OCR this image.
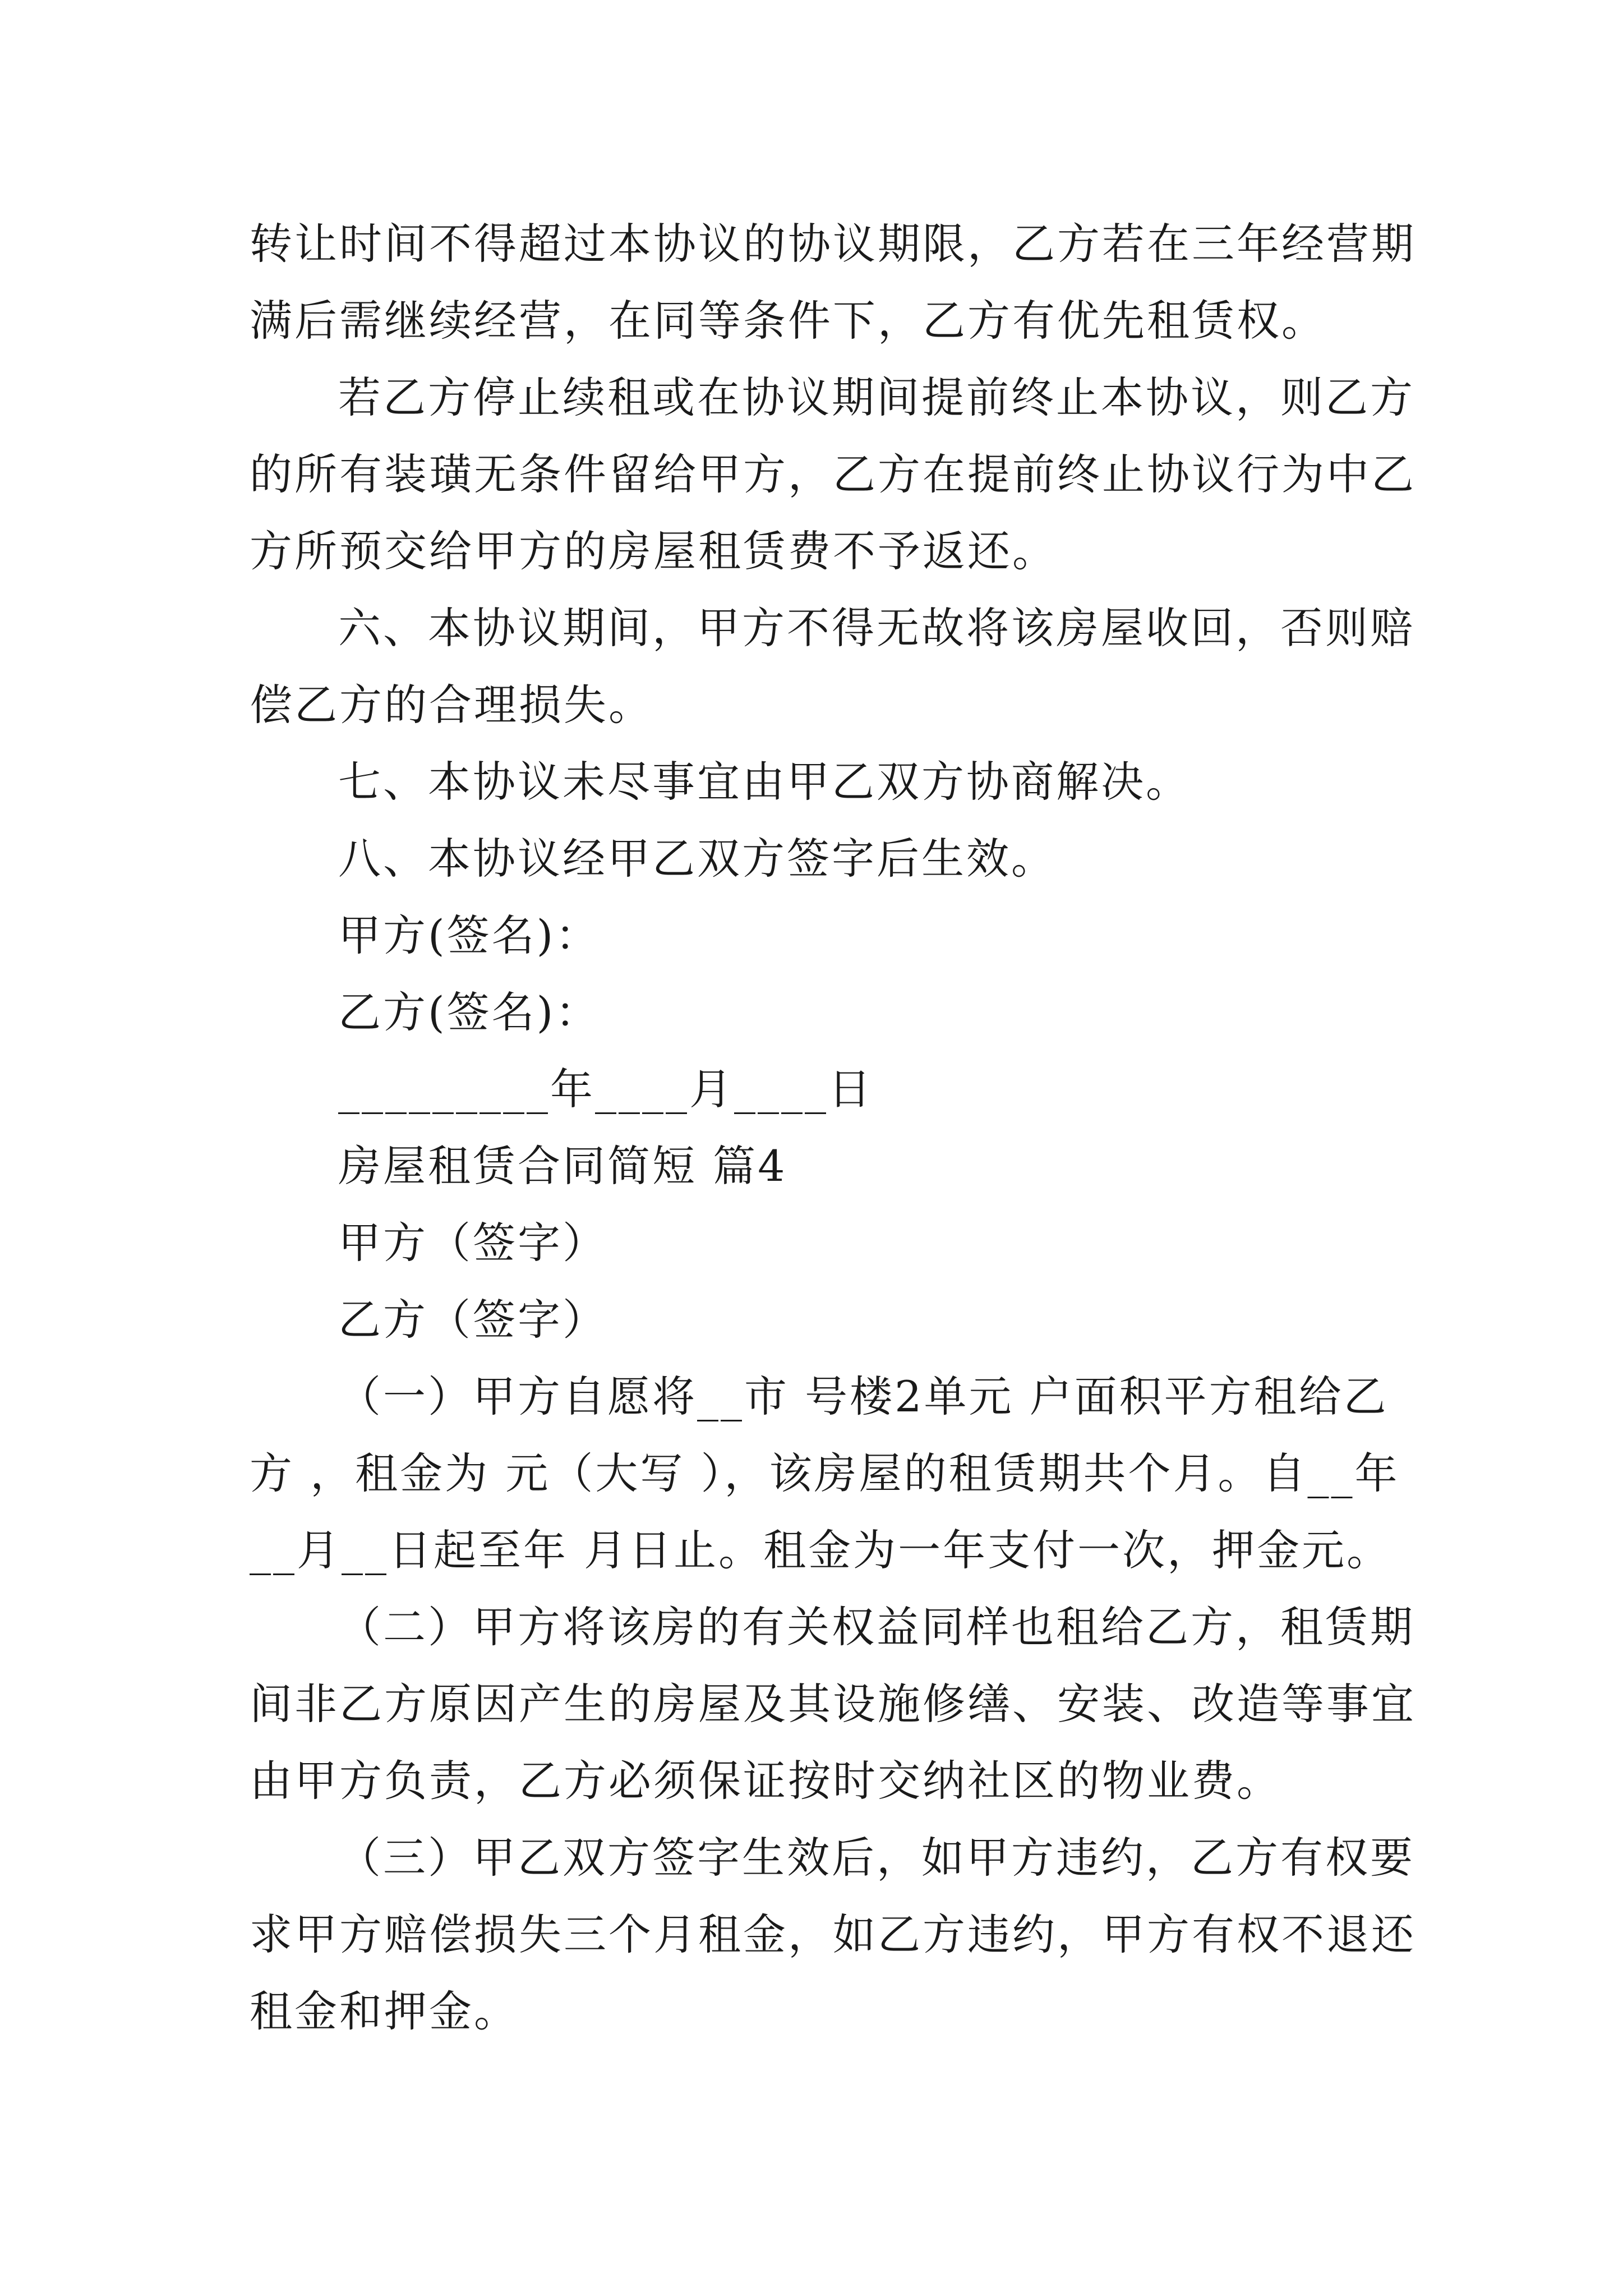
转让时间不得超过本协议的协议期限，乙方若在三年经营期
满后需继续经营，在同等条件下，乙方有优先租赁权。
若乙方停止续租或在协议期间提前终止本协议，则乙方
的所有装璜无条件留给甲方，乙方在提前终止协议行为中乙
方所预交给甲方的房屋租赁费不予返还。
六、本协议期间，甲方不得无故将该房屋收回，否则赔
偿乙方的合理损失。
七、本协议未尽事宜由甲乙双方协商解决。
八、本协议经甲乙双方签字后生效。
甲方(签名)：
乙方(签名)：
_________年____月____日
房屋租赁合同简短 篇4
甲方（签字）
乙方（签字）
（一）甲方自愿将__市 号楼2单元 户面积平方租给乙
方 ，租金为 元（大写 ），该房屋的租赁期共个月。自__年
__月__日起至年 月日止。租金为一年支付一次，押金元。
（二）甲方将该房的有关权益同样也租给乙方，租赁期
间非乙方原因产生的房屋及其设施修缮、安装、改造等事宜
由甲方负责，乙方必须保证按时交纳社区的物业费。
（三）甲乙双方签字生效后，如甲方违约，乙方有权要
求甲方赔偿损失三个月租金，如乙方违约，甲方有权不退还
租金和押金。
